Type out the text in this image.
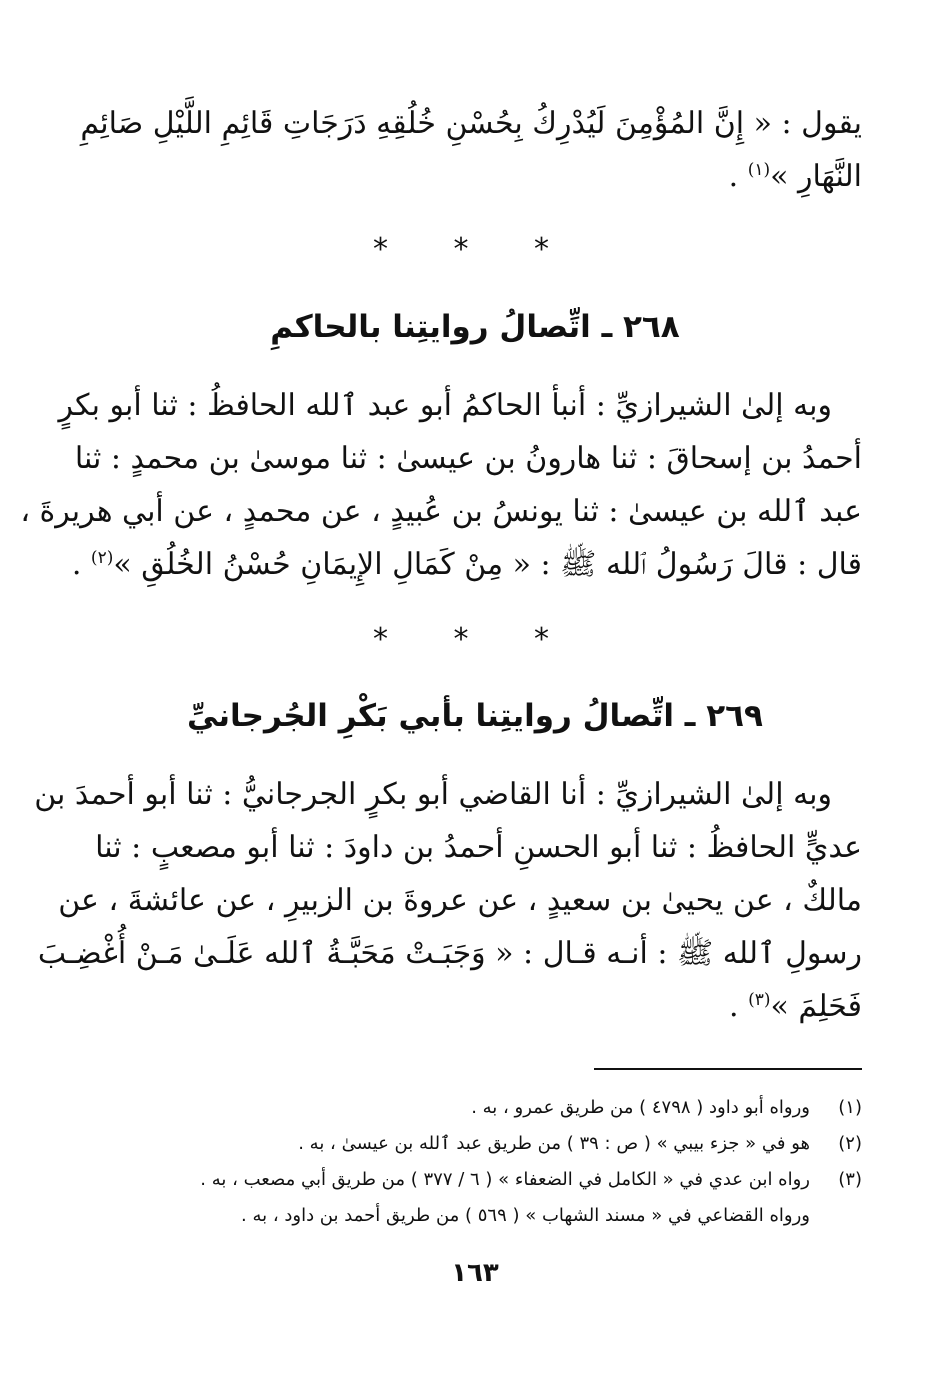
يقول : « إِنَّ المُؤْمِنَ لَيُدْرِكُ بِحُسْنِ خُلُقِهِ دَرَجَاتِ قَائِمِ اللَّيْلِ صَائِمِ
النَّهَارِ »$^{(١)}$ .
* * *
٢٦٨ ـ اتِّصالُ روايتِنا بالحاكمِ
وبه إلىٰ الشيرازيِّ : أنبأ الحاكمُ أبو عبد ٱلله الحافظُ : ثنا أبو بكرٍ
أحمدُ بن إسحاقَ : ثنا هارونُ بن عيسىٰ : ثنا موسىٰ بن محمدٍ : ثنا
عبد ٱلله بن عيسىٰ : ثنا يونسُ بن عُبيدٍ ، عن محمدٍ ، عن أبي هريرةَ ،
قال : قالَ رَسُولُ ٱلله ﷺ : « مِنْ كَمَالِ الإِيمَانِ حُسْنُ الخُلُقِ »$^{(٢)}$ .
* * *
٢٦٩ ـ اتِّصالُ روايتِنا بأبي بَكْرِ الجُرجانيِّ
وبه إلىٰ الشيرازيِّ : أنا القاضي أبو بكرٍ الجرجانيُّ : ثنا أبو أحمدَ بن
عديٍّ الحافظُ : ثنا أبو الحسنِ أحمدُ بن داودَ : ثنا أبو مصعبٍ : ثنا
مالكٌ ، عن يحيىٰ بن سعيدٍ ، عن عروةَ بن الزبيرِ ، عن عائشةَ ، عن
رسولِ ٱلله ﷺ : أنـه قـال : « وَجَبَـتْ مَحَبَّـةُ ٱلله عَلَـىٰ مَـنْ أُغْضِـبَ
فَحَلِمَ »$^{(٣)}$ .
(١)
ورواه أبو داود ( ٤٧٩٨ ) من طريق عمرو ، به .
(٢)
هو في « جزء بيبي » ( ص : ٣٩ ) من طريق عبد ٱلله بن عيسىٰ ، به .
(٣)
رواه ابن عدي في « الكامل في الضعفاء » ( ٦ / ٣٧٧ ) من طريق أبي مصعب ، به .
ورواه القضاعي في « مسند الشهاب » ( ٥٦٩ ) من طريق أحمد بن داود ، به .
١٦٣
